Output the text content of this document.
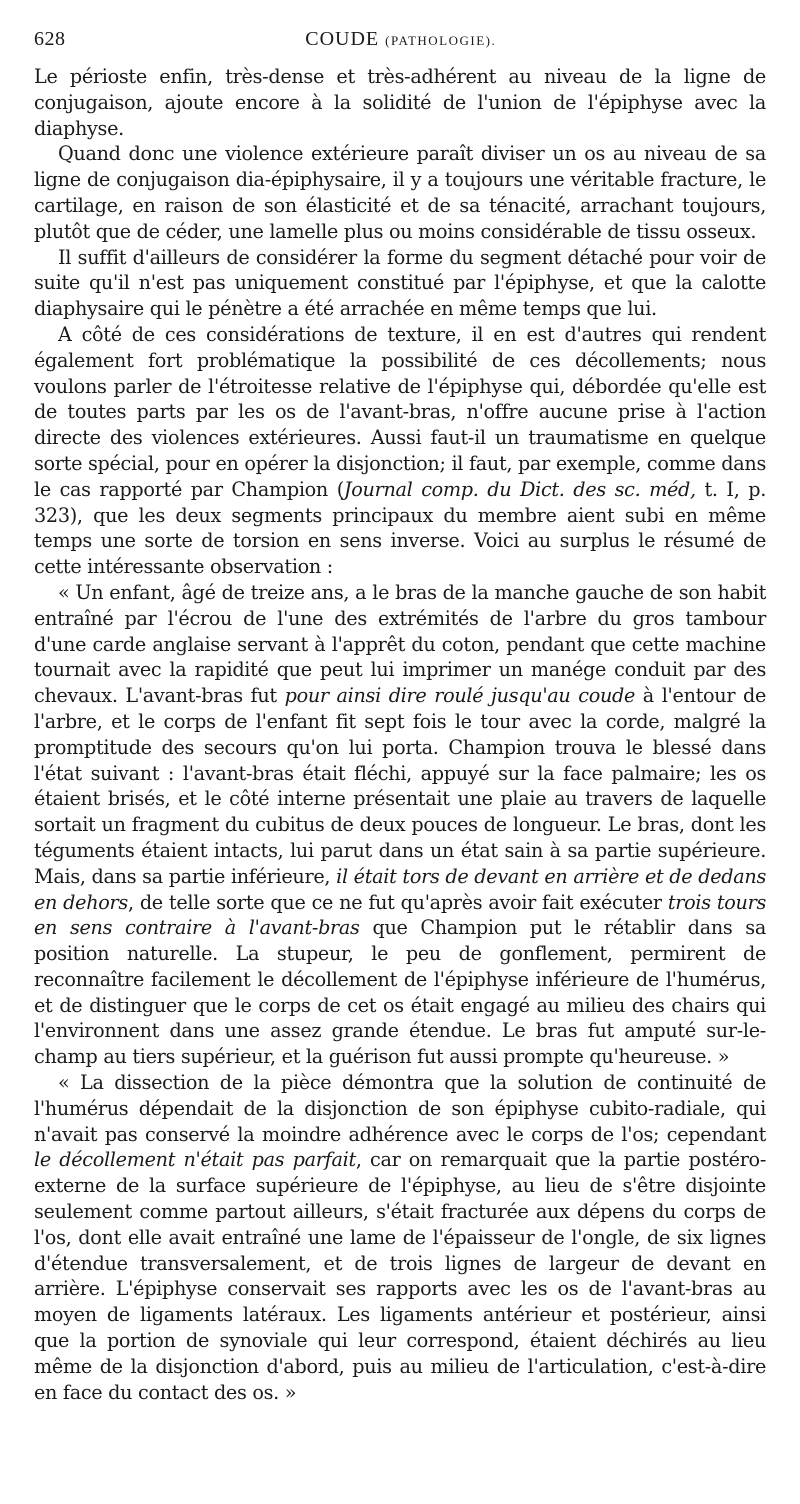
628	COUDE (PATHOLOGIE).

Le périoste enfin, très-dense et très-adhérent au niveau de la ligne de conjugaison, ajoute encore à la solidité de l'union de l'épiphyse avec la diaphyse.

Quand donc une violence extérieure paraît diviser un os au niveau de sa ligne de conjugaison dia-épiphysaire, il y a toujours une véritable fracture, le cartilage, en raison de son élasticité et de sa ténacité, arrachant toujours, plutôt que de céder, une lamelle plus ou moins considérable de tissu osseux.

Il suffit d'ailleurs de considérer la forme du segment détaché pour voir de suite qu'il n'est pas uniquement constitué par l'épiphyse, et que la calotte diaphysaire qui le pénètre a été arrachée en même temps que lui.

A côté de ces considérations de texture, il en est d'autres qui rendent également fort problématique la possibilité de ces décollements; nous voulons parler de l'étroitesse relative de l'épiphyse qui, débordée qu'elle est de toutes parts par les os de l'avant-bras, n'offre aucune prise à l'action directe des violences extérieures. Aussi faut-il un traumatisme en quelque sorte spécial, pour en opérer la disjonction; il faut, par exemple, comme dans le cas rapporté par Champion (Journal comp. du Dict. des sc. méd, t. I, p. 323), que les deux segments principaux du membre aient subi en même temps une sorte de torsion en sens inverse. Voici au surplus le résumé de cette intéressante observation :

« Un enfant, âgé de treize ans, a le bras de la manche gauche de son habit entraîné par l'écrou de l'une des extrémités de l'arbre du gros tambour d'une carde anglaise servant à l'apprêt du coton, pendant que cette machine tournait avec la rapidité que peut lui imprimer un manége conduit par des chevaux. L'avant-bras fut pour ainsi dire roulé jusqu'au coude à l'entour de l'arbre, et le corps de l'enfant fit sept fois le tour avec la corde, malgré la promptitude des secours qu'on lui porta. Champion trouva le blessé dans l'état suivant : l'avant-bras était fléchi, appuyé sur la face palmaire; les os étaient brisés, et le côté interne présentait une plaie au travers de laquelle sortait un fragment du cubitus de deux pouces de longueur. Le bras, dont les téguments étaient intacts, lui parut dans un état sain à sa partie supérieure. Mais, dans sa partie inférieure, il était tors de devant en arrière et de dedans en dehors, de telle sorte que ce ne fut qu'après avoir fait exécuter trois tours en sens contraire à l'avant-bras que Champion put le rétablir dans sa position naturelle. La stupeur, le peu de gonflement, permirent de reconnaître facilement le décollement de l'épiphyse inférieure de l'humérus, et de distinguer que le corps de cet os était engagé au milieu des chairs qui l'environnent dans une assez grande étendue. Le bras fut amputé sur-le-champ au tiers supérieur, et la guérison fut aussi prompte qu'heureuse. »

« La dissection de la pièce démontra que la solution de continuité de l'humérus dépendait de la disjonction de son épiphyse cubito-radiale, qui n'avait pas conservé la moindre adhérence avec le corps de l'os; cependant le décollement n'était pas parfait, car on remarquait que la partie postéro-externe de la surface supérieure de l'épiphyse, au lieu de s'être disjointe seulement comme partout ailleurs, s'était fracturée aux dépens du corps de l'os, dont elle avait entraîné une lame de l'épaisseur de l'ongle, de six lignes d'étendue transversalement, et de trois lignes de largeur de devant en arrière. L'épiphyse conservait ses rapports avec les os de l'avant-bras au moyen de ligaments latéraux. Les ligaments antérieur et postérieur, ainsi que la portion de synoviale qui leur correspond, étaient déchirés au lieu même de la disjonction d'abord, puis au milieu de l'articulation, c'est-à-dire en face du contact des os. »
